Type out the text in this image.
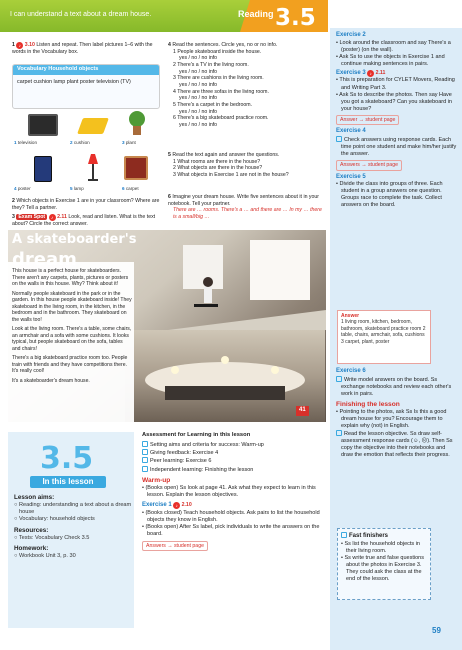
I can understand a text about a dream house.	Reading 3.5
1 ♪ 3.10 Listen and repeat. Then label pictures 1–6 with the words in the Vocabulary box.
Vocabulary Household objects
carpet cushion lamp plant poster television (TV)
1 television	2 cushion	3 plant
4 poster	5 lamp	6 carpet
2 Which objects in Exercise 1 are in your classroom? Where are they? Tell a partner.
3 Exam Spot ♪ 2.11 Look, read and listen. What is the text about? Circle the correct answer.
4 Read the sentences. Circle yes, no or no info.
1 People skateboard inside the house.
yes / no / no info
2 There's a TV in the living room.
yes / no / no info
3 There are cushions in the living room.
yes / no / no info
4 There are three sofas in the living room.
yes / no / no info
5 There's a carpet in the bedroom.
yes / no / no info
6 There's a big skateboard practice room.
yes / no / no info
5 Read the text again and answer the questions.
1 What rooms are there in the house?
2 What objects are there in the house?
3 What objects in Exercise 1 are not in the house?
6 Imagine your dream house. Write five sentences about it in your notebook. Tell your partner.
There are … rooms. There's a … and there are … In my … there is a small/big …
A skateboarder's
dream

This house is a perfect house for skateboarders. There aren't any carpets, plants, pictures or posters on the walls in this house. Why? Think about it!

Normally people skateboard in the park or in the garden. In this house people skateboard inside! They skateboard in the living room, in the kitchen, in the bedroom and in the bathroom. They skateboard on the walls too!

Look at the living room. There's a table, some chairs, an armchair and a sofa with some cushions. It looks typical, but people skateboard on the sofa, tables and chairs!

There's a big skateboard practice room too. People train with friends and they have competitions there. It's really cool!

It's a skateboarder's dream house.

41
3.5
In this lesson
Lesson aims:
○ Reading: understanding a text about a dream house
○ Vocabulary: household objects
Resources:
○ Tests: Vocabulary Check 3.5
Homework:
○ Workbook Unit 3, p. 30
Assessment for Learning in this lesson
Setting aims and criteria for success: Warm-up
Giving feedback: Exercise 4
Peer learning: Exercise 6
Independent learning: Finishing the lesson
Warm-up
• (Books open) Ss look at page 41. Ask what they expect to learn in this lesson. Explain the lesson objectives.
Exercise 1 ♪ 2.10
• (Books closed) Teach household objects. Ask pairs to list the household objects they know in English.
• (Books open) After Ss label, pick individuals to write the answers on the board.
Answers → student page
Exercise 2
• Look around the classroom and say There's a (poster) (on the wall).
• Ask Ss to use the objects in Exercise 1 and continue making sentences in pairs.
Exercise 3 ♪ 2.11
• This is preparation for CYLET Movers, Reading and Writing Part 3.
• Ask Ss to describe the photos. Then say Have you got a skateboard? Can you skateboard in your house?
Answer → student page
Exercise 4
Check answers using response cards. Each time point one student and make him/her justify the answer.
Answers → student page
Exercise 5
• Divide the class into groups of three. Each student in a group answers one question. Groups race to complete the task. Collect answers on the board.
Answer
1 living room, kitchen, bedroom, bathroom, skateboard practice room 2 table, chairs, armchair, sofa, cushions 3 carpet, plant, poster
Exercise 6
Write model answers on the board. Ss exchange notebooks and review each other's work in pairs.
Finishing the lesson
• Pointing to the photos, ask Ss Is this a good dream house for you? Encourage them to explain why (not) in English.
Read the lesson objective. Ss draw self-assessment response cards (☺, ☹). Then Ss copy the objective into their notebooks and draw the emotion that reflects their progress.
Fast finishers
• Ss list the household objects in their living room.
• Ss write true and false questions about the photos in Exercise 3. They could ask the class at the end of the lesson.
59
